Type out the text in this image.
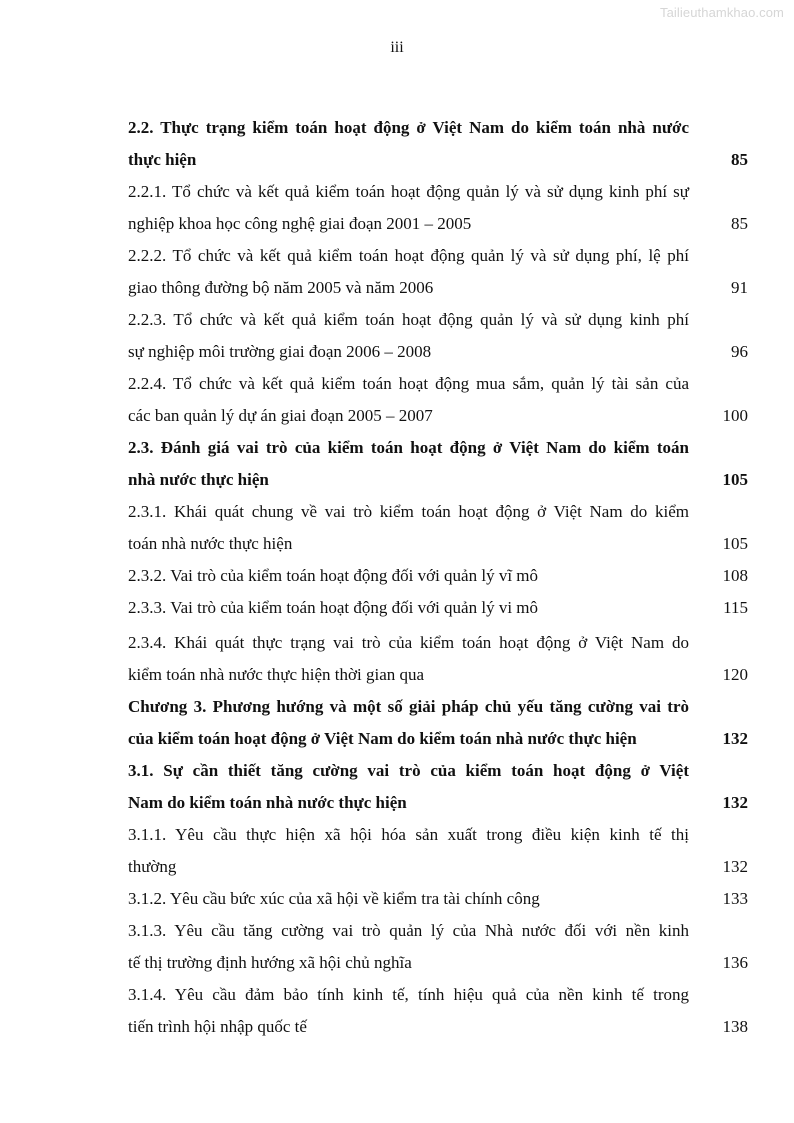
Tailieuthamkhao.com
iii
2.2. Thực trạng kiểm toán hoạt động ở Việt Nam do kiểm toán nhà nước
thực hiện	85
2.2.1. Tổ chức và kết quả kiểm toán hoạt động quản lý và sử dụng kinh phí sự
nghiệp khoa học công nghệ giai đoạn 2001 – 2005	85
2.2.2. Tổ chức và kết quả kiểm toán hoạt động quản lý và sử dụng phí, lệ phí
giao thông đường bộ năm 2005 và năm 2006	91
2.2.3. Tổ chức và kết quả kiểm toán hoạt động quản lý và sử dụng kinh phí
sự nghiệp môi trường giai đoạn 2006 – 2008	96
2.2.4. Tổ chức và kết quả kiểm toán hoạt động mua sắm, quản lý tài sản của
các ban quản lý dự án giai đoạn 2005 – 2007	100
2.3. Đánh giá vai trò của kiểm toán hoạt động ở Việt Nam do kiểm toán
nhà nước thực hiện	105
2.3.1. Khái quát chung về vai trò kiểm toán hoạt động ở Việt Nam do kiểm
toán nhà nước thực hiện	105
2.3.2. Vai trò của kiểm toán hoạt động đối với quản lý vĩ mô	108
2.3.3. Vai trò của kiểm toán hoạt động đối với quản lý vi mô	115
2.3.4. Khái quát thực trạng vai trò của kiểm toán hoạt động ở Việt Nam do
kiểm toán nhà nước thực hiện thời gian qua	120
Chương 3. Phương hướng và một số giải pháp chủ yếu tăng cường vai trò
của kiểm toán hoạt động ở Việt Nam do kiểm toán nhà nước thực hiện	132
3.1. Sự cần thiết tăng cường vai trò của kiểm toán hoạt động ở Việt
Nam do kiểm toán nhà nước thực hiện	132
3.1.1. Yêu cầu thực hiện xã hội hóa sản xuất trong điều kiện kinh tế thị
thường	132
3.1.2. Yêu cầu bức xúc của xã hội về kiểm tra tài chính công	133
3.1.3. Yêu cầu tăng cường vai trò quản lý của Nhà nước đối với nền kinh
tế thị trường định hướng xã hội chủ nghĩa	136
3.1.4. Yêu cầu đảm bảo tính kinh tế, tính hiệu quả của nền kinh tế trong
tiến trình hội nhập quốc tế	138
